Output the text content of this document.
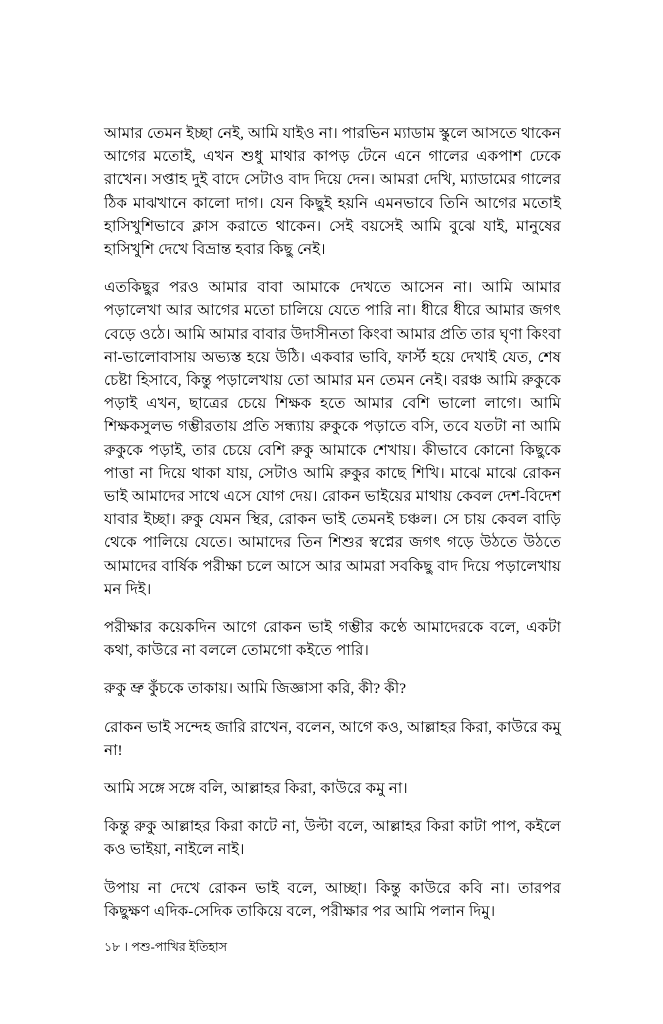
আমার তেমন ইচ্ছা নেই, আমি যাইও না। পারভিন ম্যাডাম স্কুলে আসতে থাকেন আগের মতোই, এখন শুধু মাথার কাপড় টেনে এনে গালের একপাশ ঢেকে রাখেন। সপ্তাহ দুই বাদে সেটাও বাদ দিয়ে দেন। আমরা দেখি, ম্যাডামের গালের ঠিক মাঝখানে কালো দাগ। যেন কিছুই হয়নি এমনভাবে তিনি আগের মতোই হাসিখুশিভাবে ক্লাস করাতে থাকেন। সেই বয়সেই আমি বুঝে যাই, মানুষের হাসিখুশি দেখে বিভ্রান্ত হবার কিছু নেই।

এতকিছুর পরও আমার বাবা আমাকে দেখতে আসেন না। আমি আমার পড়ালেখা আর আগের মতো চালিয়ে যেতে পারি না। ধীরে ধীরে আমার জগৎ বেড়ে ওঠে। আমি আমার বাবার উদাসীনতা কিংবা আমার প্রতি তার ঘৃণা কিংবা না-ভালোবাসায় অভ্যস্ত হয়ে উঠি। একবার ভাবি, ফার্স্ট হয়ে দেখাই যেত, শেষ চেষ্টা হিসাবে, কিন্তু পড়ালেখায় তো আমার মন তেমন নেই। বরঞ্চ আমি রুকুকে পড়াই এখন, ছাত্রের চেয়ে শিক্ষক হতে আমার বেশি ভালো লাগে। আমি শিক্ষকসুলভ গম্ভীরতায় প্রতি সন্ধ্যায় রুকুকে পড়াতে বসি, তবে যতটা না আমি রুকুকে পড়াই, তার চেয়ে বেশি রুকু আমাকে শেখায়। কীভাবে কোনো কিছুকে পাত্তা না দিয়ে থাকা যায়, সেটাও আমি রুকুর কাছে শিখি। মাঝে মাঝে রোকন ভাই আমাদের সাথে এসে যোগ দেয়। রোকন ভাইয়ের মাথায় কেবল দেশ-বিদেশ যাবার ইচ্ছা। রুকু যেমন স্থির, রোকন ভাই তেমনই চঞ্চল। সে চায় কেবল বাড়ি থেকে পালিয়ে যেতে। আমাদের তিন শিশুর স্বপ্নের জগৎ গড়ে উঠতে উঠতে আমাদের বার্ষিক পরীক্ষা চলে আসে আর আমরা সবকিছু বাদ দিয়ে পড়ালেখায় মন দিই।

পরীক্ষার কয়েকদিন আগে রোকন ভাই গম্ভীর কণ্ঠে আমাদেরকে বলে, একটা কথা, কাউরে না বললে তোমগো কইতে পারি।

রুকু ভ্রু কুঁচকে তাকায়। আমি জিজ্ঞাসা করি, কী? কী?

রোকন ভাই সন্দেহ জারি রাখেন, বলেন, আগে কও, আল্লাহর কিরা, কাউরে কমু না!

আমি সঙ্গে সঙ্গে বলি, আল্লাহর কিরা, কাউরে কমু না।

কিন্তু রুকু আল্লাহর কিরা কাটে না, উল্টা বলে, আল্লাহর কিরা কাটা পাপ, কইলে কও ভাইয়া, নাইলে নাই।

উপায় না দেখে রোকন ভাই বলে, আচ্ছা। কিন্তু কাউরে কবি না। তারপর কিছুক্ষণ এদিক-সেদিক তাকিয়ে বলে, পরীক্ষার পর আমি পলান দিমু।

১৮ । পশু-পাখির ইতিহাস
